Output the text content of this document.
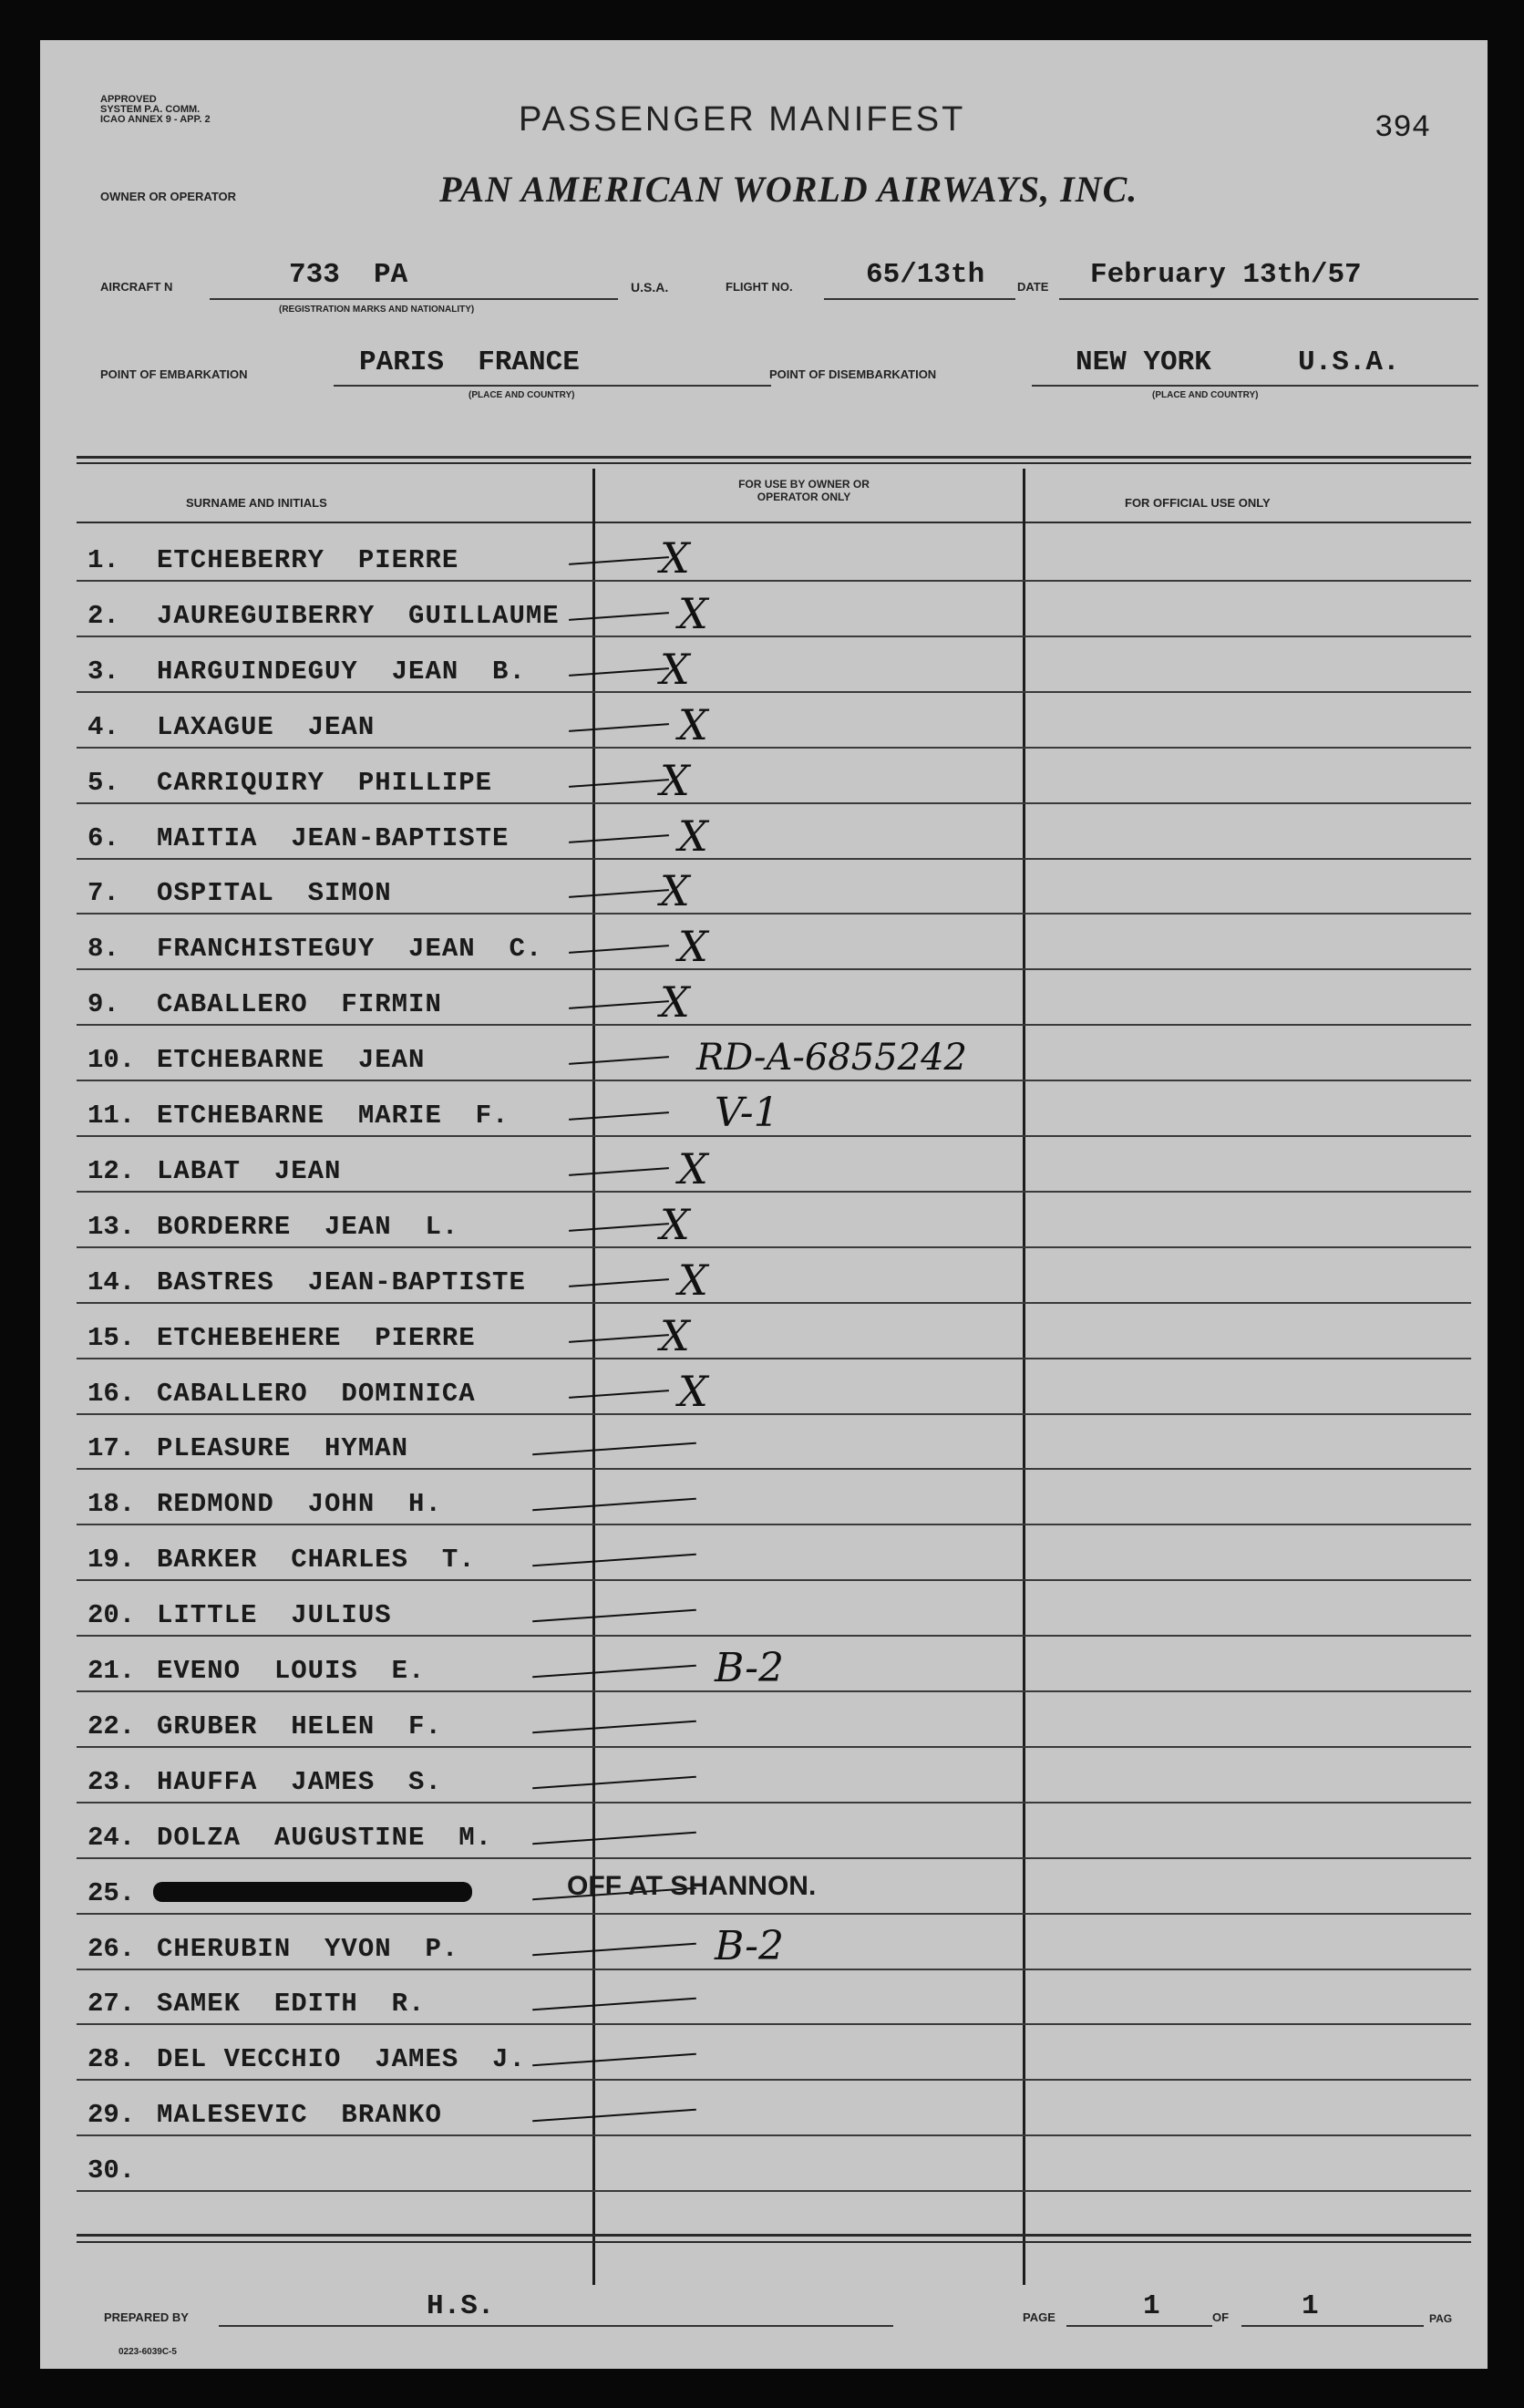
APPROVED
SYSTEM P.A. COMM.
ICAO ANNEX 9 - APP. 2	PASSENGER MANIFEST	394
OWNER OR OPERATOR	PAN AMERICAN WORLD AIRWAYS, INC.
AIRCRAFT N	733  PA
(REGISTRATION MARKS AND NATIONALITY)
U.S.A.	FLIGHT NO.	65/13th	DATE February 13th/57
POINT OF EMBARKATION	PARIS  FRANCE
(PLACE AND COUNTRY)
POINT OF DISEMBARKATION	NEW YORK	U.S.A.
(PLACE AND COUNTRY)
SURNAME AND INITIALS
FOR USE BY OWNER OR OPERATOR ONLY	FOR OFFICIAL USE ONLY
1.	ETCHEBERRY  PIERRE	X
2.	JAUREGUIBERRY  GUILLAUME	X
3.	HARGUINDEGUY  JEAN  B.	X
4.	LAXAGUE  JEAN	X
5.	CARRIQUIRY  PHILLIPE	X
6.	MAITIA  JEAN-BAPTISTE	X
7.	OSPITAL  SIMON	X
8.	FRANCHISTEGUY  JEAN  C.	X
9.	CABALLERO  FIRMIN	X
10. ETCHEBARNE  JEAN	RD-A-6855242
11. ETCHEBARNE  MARIE  F.	V-1
12. LABAT  JEAN	X
13. BORDERRE  JEAN  L.	X
14. BASTRES  JEAN-BAPTISTE	X
15. ETCHEBEHERE  PIERRE	X
16. CABALLERO  DOMINICA	X
17. PLEASURE  HYMAN
18. REDMOND  JOHN  H.
19. BARKER  CHARLES  T.
20. LITTLE  JULIUS
21. EVENO  LOUIS  E.	B-2
22. GRUBER  HELEN  F.
23. HAUFFA  JAMES  S.
24. DOLZA  AUGUSTINE  M.
25.	OFF AT SHANNON.
26. CHERUBIN  YVON  P.	B-2
27. SAMEK  EDITH  R.
28. DEL VECCHIO  JAMES  J.
29. MALESEVIC  BRANKO
30.
PREPARED BY	H.S.	PAGE	1	OF	1	PAG
0223-6039C-5
